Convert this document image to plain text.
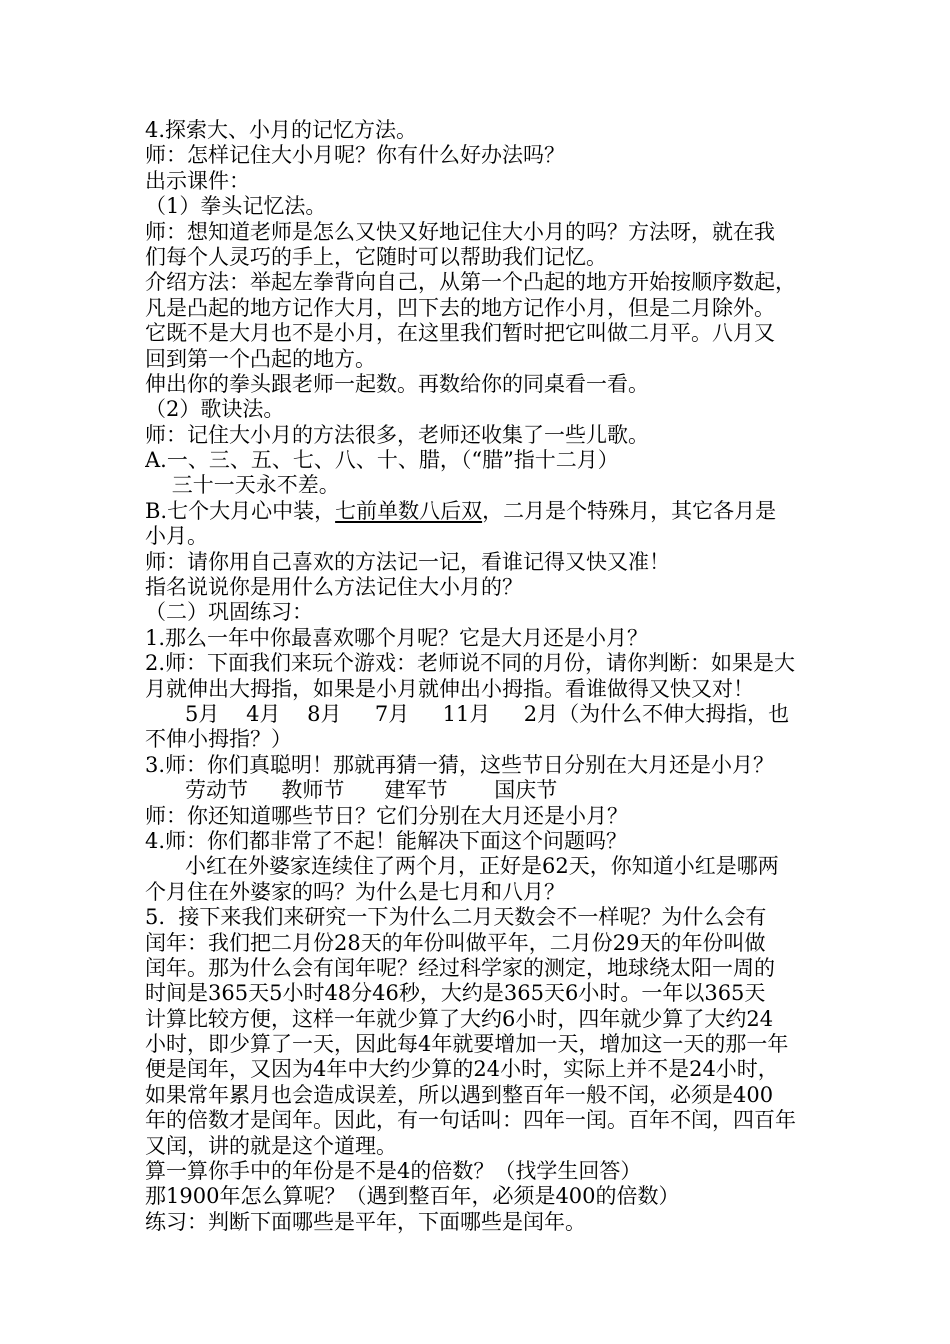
4.探索大、小月的记忆方法。
师：怎样记住大小月呢？你有什么好办法吗？
出示课件：
（1）拳头记忆法。
师：想知道老师是怎么又快又好地记住大小月的吗？方法呀，就在我
们每个人灵巧的手上，它随时可以帮助我们记忆。
介绍方法：举起左拳背向自己，从第一个凸起的地方开始按顺序数起，
凡是凸起的地方记作大月，凹下去的地方记作小月，但是二月除外。
它既不是大月也不是小月，在这里我们暂时把它叫做二月平。八月又
回到第一个凸起的地方。
伸出你的拳头跟老师一起数。再数给你的同桌看一看。
（2）歌诀法。
师：记住大小月的方法很多，老师还收集了一些儿歌。
A.一、三、五、七、八、十、腊，（“腊”指十二月）
三十一天永不差。
B.七个大月心中装，七前单数八后双，二月是个特殊月，其它各月是
小月。
师：请你用自己喜欢的方法记一记，看谁记得又快又准！
指名说说你是用什么方法记住大小月的？
（二）巩固练习：
1.那么一年中你最喜欢哪个月呢？它是大月还是小月？
2.师：下面我们来玩个游戏：老师说不同的月份，请你判断：如果是大
月就伸出大拇指，如果是小月就伸出小拇指。看谁做得又快又对！
5月    4月    8月     7月     11月     2月（为什么不伸大拇指，也
不伸小拇指？）
3.师：你们真聪明！那就再猜一猜，这些节日分别在大月还是小月？
劳动节     教师节      建军节       国庆节
师：你还知道哪些节日？它们分别在大月还是小月？
4.师：你们都非常了不起！能解决下面这个问题吗？
小红在外婆家连续住了两个月，正好是62天，你知道小红是哪两
个月住在外婆家的吗？为什么是七月和八月？
5.  接下来我们来研究一下为什么二月天数会不一样呢？为什么会有
闰年：我们把二月份28天的年份叫做平年，二月份29天的年份叫做
闰年。那为什么会有闰年呢？经过科学家的测定，地球绕太阳一周的
时间是365天5小时48分46秒，大约是365天6小时。一年以365天
计算比较方便，这样一年就少算了大约6小时，四年就少算了大约24
小时，即少算了一天，因此每4年就要增加一天，增加这一天的那一年
便是闰年，又因为4年中大约少算的24小时，实际上并不是24小时，
如果常年累月也会造成误差，所以遇到整百年一般不闰，必须是400
年的倍数才是闰年。因此，有一句话叫：四年一闰。百年不闰，四百年
又闰，讲的就是这个道理。
算一算你手中的年份是不是4的倍数？（找学生回答）
那1900年怎么算呢？（遇到整百年，必须是400的倍数）
练习：判断下面哪些是平年，下面哪些是闰年。
